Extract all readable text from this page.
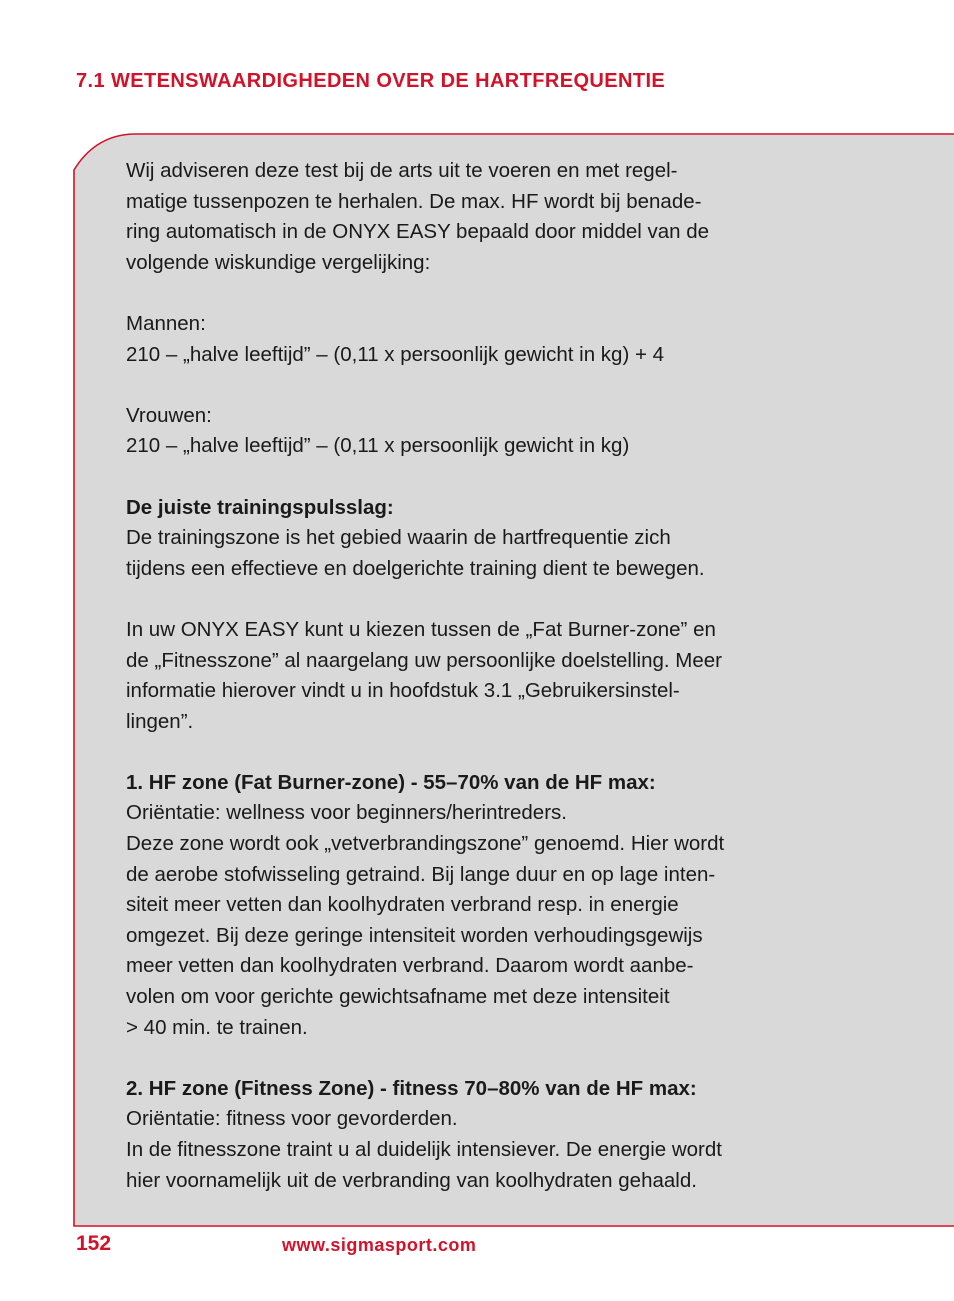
7.1 WETENSWAARDIGHEDEN OVER DE HARTFREQUENTIE

Wij adviseren deze test bij de arts uit te voeren en met regel-
matige tussenpozen te herhalen. De max. HF wordt bij benade-
ring automatisch in de ONYX EASY bepaald door middel van de
volgende wiskundige vergelijking:

Mannen:
210 – „halve leeftijd” – (0,11 x persoonlijk gewicht in kg) + 4

Vrouwen:
210 – „halve leeftijd” – (0,11 x persoonlijk gewicht in kg)

De juiste trainingspulsslag:
De trainingszone is het gebied waarin de hartfrequentie zich
tijdens een effectieve en doelgerichte training dient te bewegen.

In uw ONYX EASY kunt u kiezen tussen de „Fat Burner-zone” en
de „Fitnesszone” al naargelang uw persoonlijke doelstelling. Meer
informatie hierover vindt u in hoofdstuk 3.1 „Gebruikersinstel-
lingen”.

1. HF zone (Fat Burner-zone) - 55–70% van de HF max:
Oriëntatie: wellness voor beginners/herintreders.
Deze zone wordt ook „vetverbrandingszone” genoemd. Hier wordt
de aerobe stofwisseling getraind. Bij lange duur en op lage inten-
siteit meer vetten dan koolhydraten verbrand resp. in energie
omgezet. Bij deze geringe intensiteit worden verhoudingsgewijs
meer vetten dan koolhydraten verbrand. Daarom wordt aanbe-
volen om voor gerichte gewichtsafname met deze intensiteit
> 40 min. te trainen.

2. HF zone (Fitness Zone) - fitness 70–80% van de HF max:
Oriëntatie: fitness voor gevorderden.
In de fitnesszone traint u al duidelijk intensiever. De energie wordt
hier voornamelijk uit de verbranding van koolhydraten gehaald.

152	www.sigmasport.com
